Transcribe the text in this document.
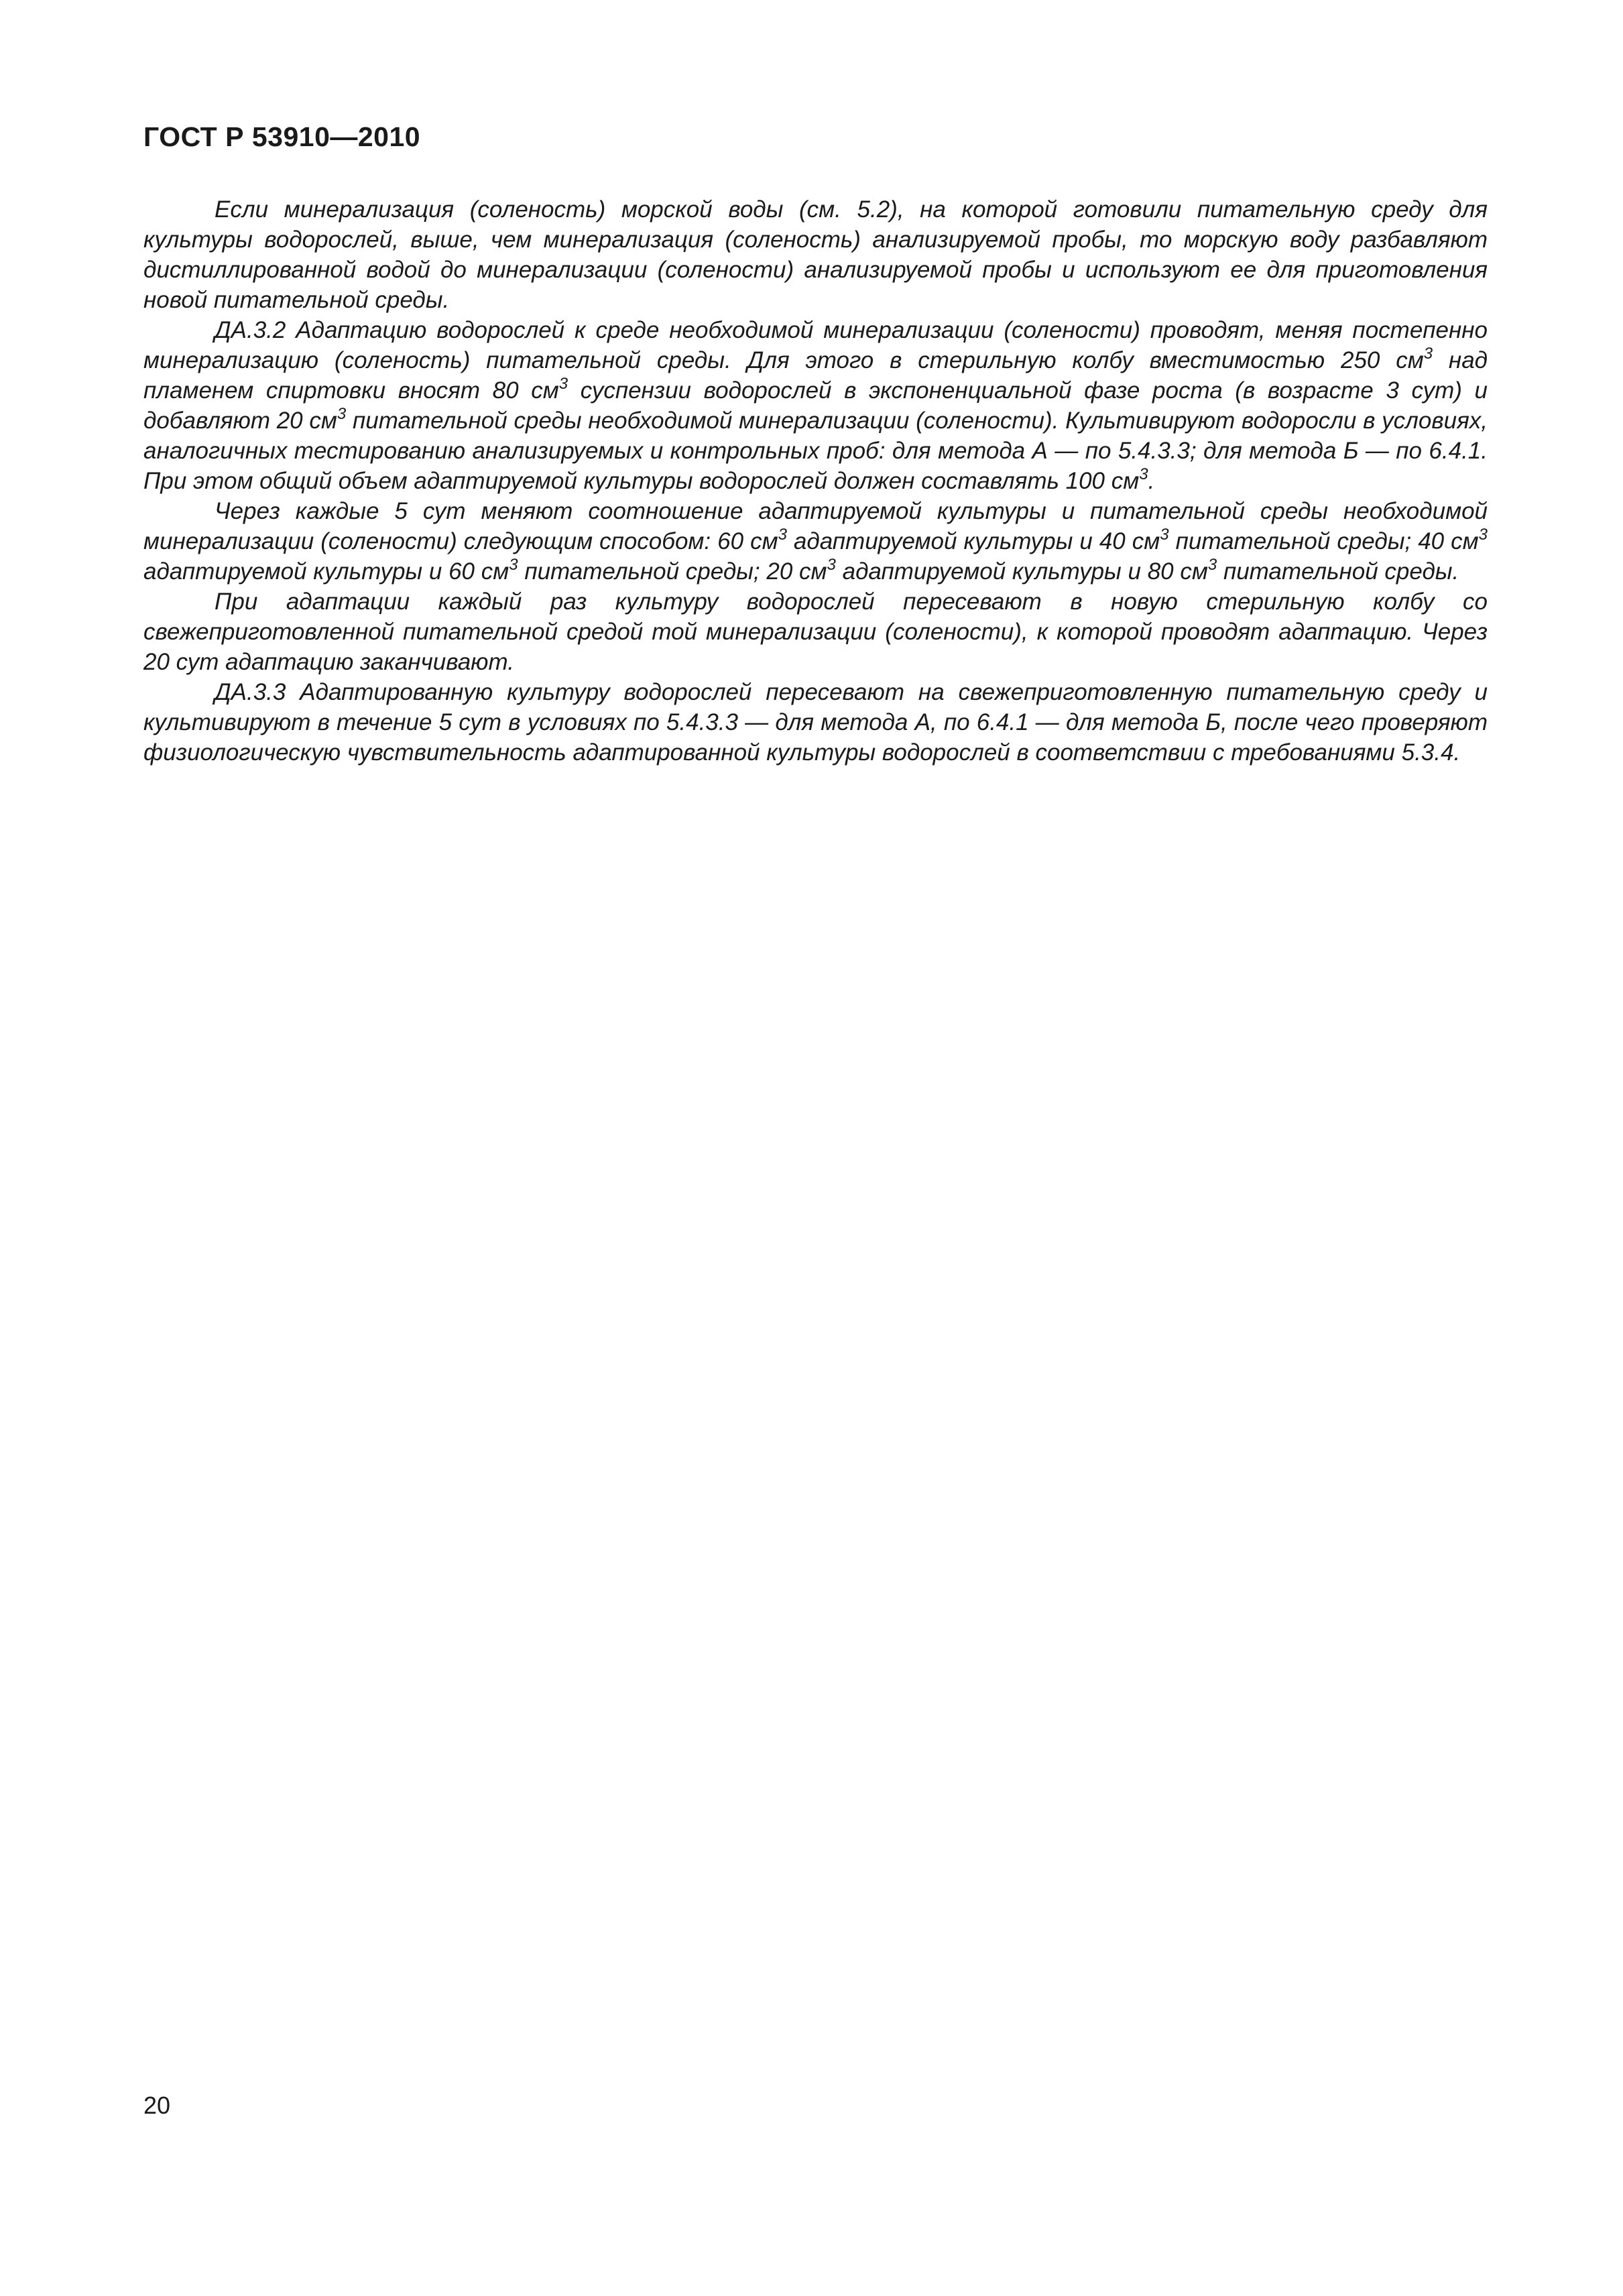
ГОСТ Р 53910—2010

Если минерализация (соленость) морской воды (см. 5.2), на которой готовили питательную среду для культуры водорослей, выше, чем минерализация (соленость) анализируемой пробы, то морскую воду разбавляют дистиллированной водой до минерализации (солености) анализируемой пробы и используют ее для приготовления новой питательной среды.

ДА.3.2 Адаптацию водорослей к среде необходимой минерализации (солености) проводят, меняя постепенно минерализацию (соленость) питательной среды. Для этого в стерильную колбу вместимостью 250 $см^3$ над пламенем спиртовки вносят 80 $см^3$ суспензии водорослей в экспоненциальной фазе роста (в возрасте 3 сут) и добавляют 20 $см^3$ питательной среды необходимой минерализации (солености). Культивируют водоросли в условиях, аналогичных тестированию анализируемых и контрольных проб: для метода А — по 5.4.3.3; для метода Б — по 6.4.1. При этом общий объем адаптируемой культуры водорослей должен составлять 100 $см^3$.

Через каждые 5 сут меняют соотношение адаптируемой культуры и питательной среды необходимой минерализации (солености) следующим способом: 60 $см^3$ адаптируемой культуры и 40 $см^3$ питательной среды; 40 $см^3$ адаптируемой культуры и 60 $см^3$ питательной среды; 20 $см^3$ адаптируемой культуры и 80 $см^3$ питательной среды.

При адаптации каждый раз культуру водорослей пересевают в новую стерильную колбу со свежеприготовленной питательной средой той минерализации (солености), к которой проводят адаптацию. Через 20 сут адаптацию заканчивают.

ДА.3.3 Адаптированную культуру водорослей пересевают на свежеприготовленную питательную среду и культивируют в течение 5 сут в условиях по 5.4.3.3 — для метода А, по 6.4.1 — для метода Б, после чего проверяют физиологическую чувствительность адаптированной культуры водорослей в соответствии с требованиями 5.3.4.

20
